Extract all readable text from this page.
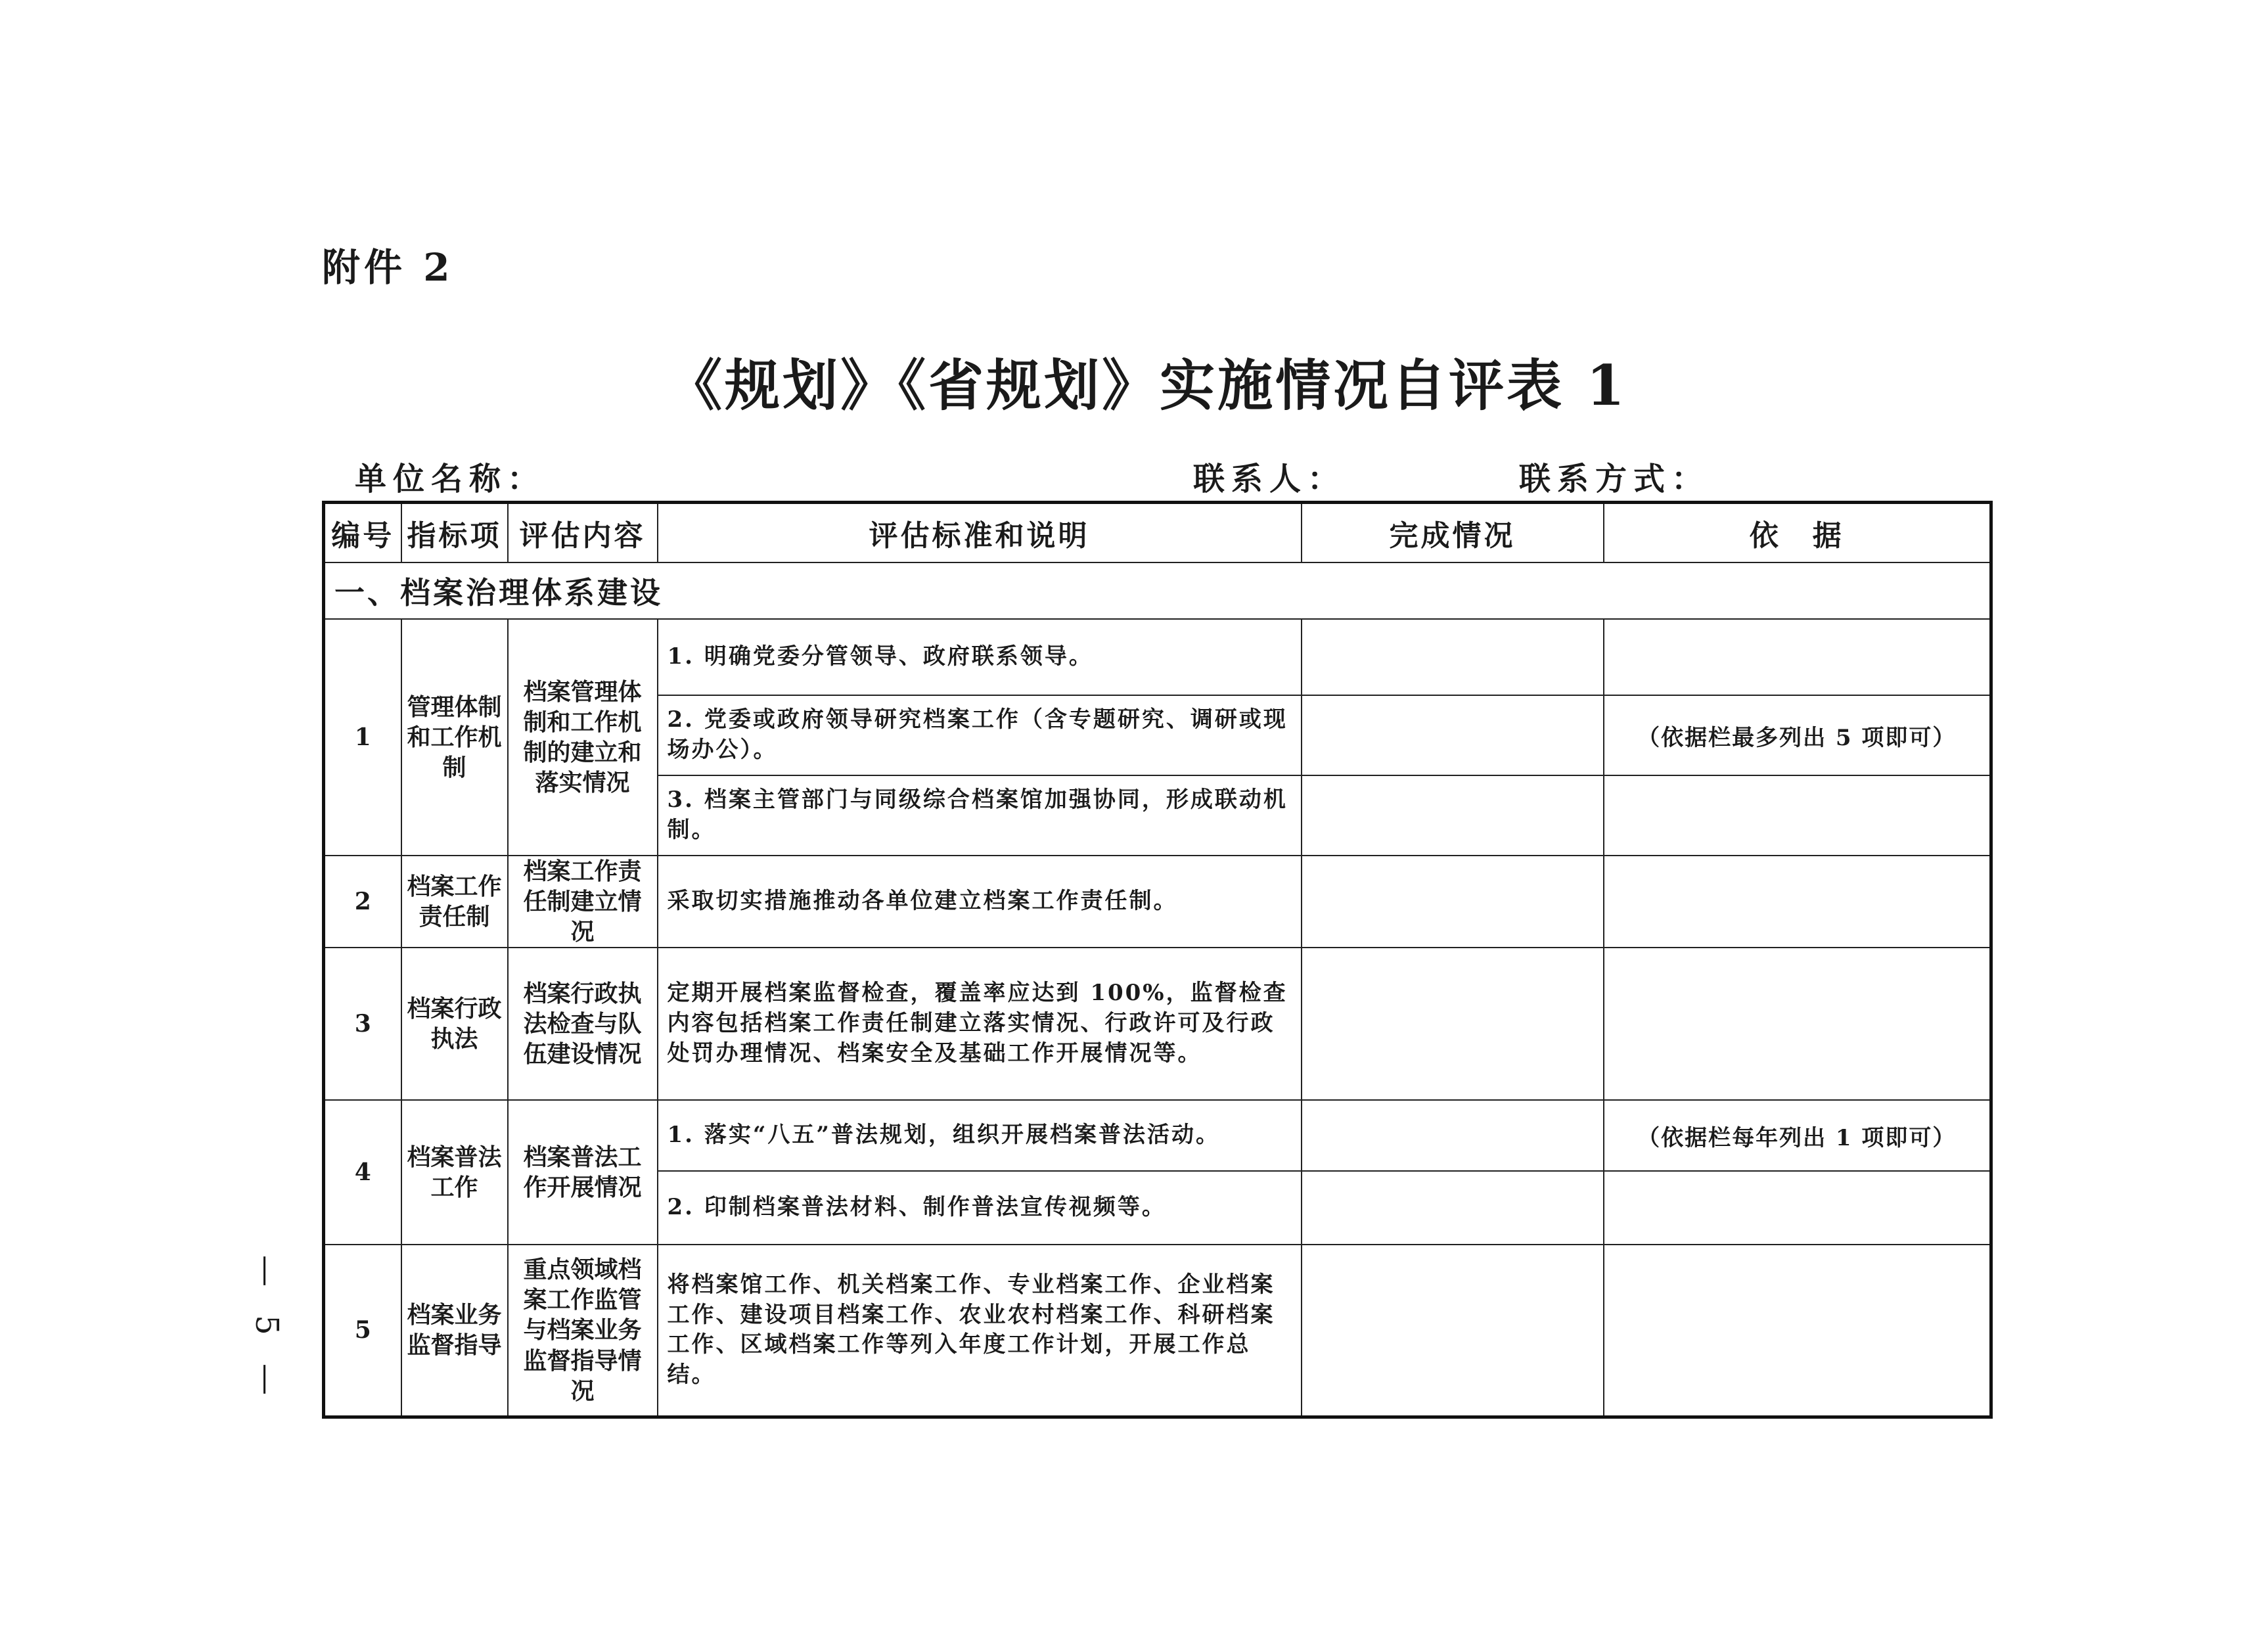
附件 2
《规划》《省规划》实施情况自评表 1
单位名称：	联系人：	联系方式：
编号	指标项	评估内容	评估标准和说明	完成情况	依　据
一、档案治理体系建设					
1	管理体制和工作机制	档案管理体制和工作机制的建立和落实情况	1. 明确党委分管领导、政府联系领导。		
			2. 党委或政府领导研究档案工作（含专题研究、调研或现场办公）。		（依据栏最多列出 5 项即可）
			3. 档案主管部门与同级综合档案馆加强协同，形成联动机制。		
2	档案工作责任制	档案工作责任制建立情况	采取切实措施推动各单位建立档案工作责任制。		
3	档案行政执法	档案行政执法检查与队伍建设情况	定期开展档案监督检查，覆盖率应达到 100%，监督检查内容包括档案工作责任制建立落实情况、行政许可及行政处罚办理情况、档案安全及基础工作开展情况等。		
4	档案普法工作	档案普法工作开展情况	1. 落实“八五”普法规划，组织开展档案普法活动。		（依据栏每年列出 1 项即可）
			2. 印制档案普法材料、制作普法宣传视频等。		
5	档案业务监督指导	重点领域档案工作监管与档案业务监督指导情况	将档案馆工作、机关档案工作、专业档案工作、企业档案工作、建设项目档案工作、农业农村档案工作、科研档案工作、区域档案工作等列入年度工作计划，开展工作总结。		
— 5 —
